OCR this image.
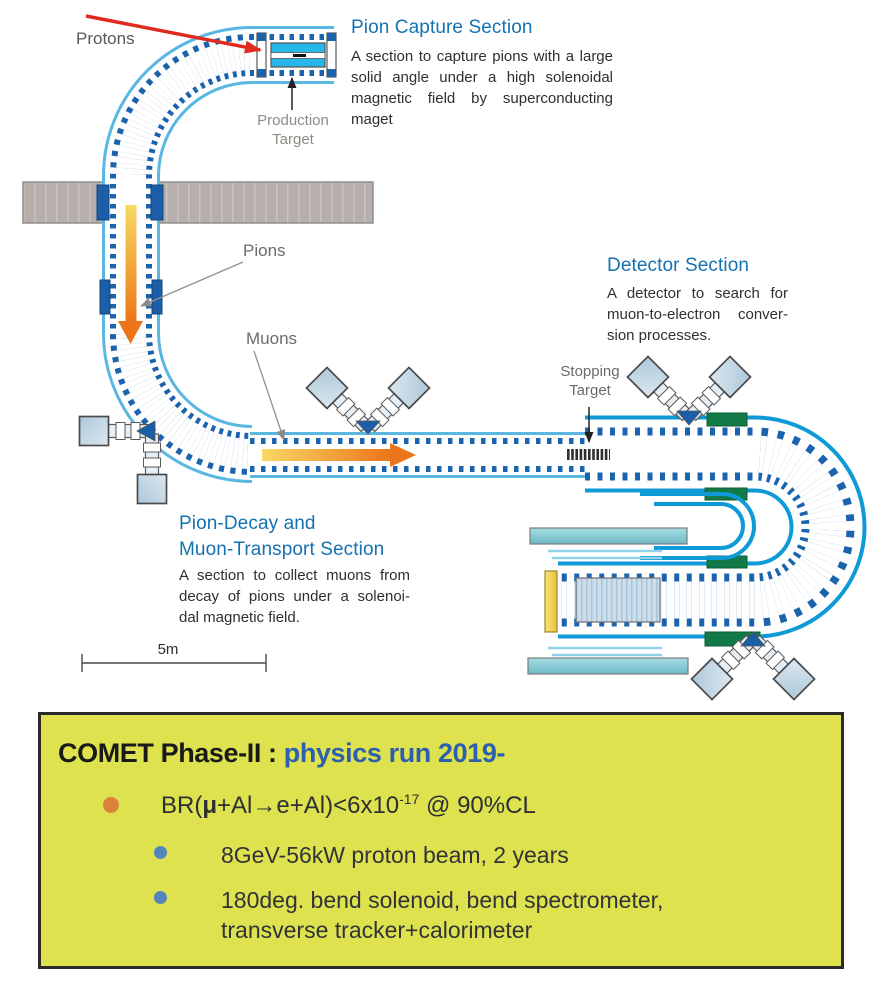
Protons
Pions
Muons
Production
Target
Stopping
Target
Pion Capture Section
A section to capture pions with a large
solid angle under a high solenoidal
magnetic field by superconducting
maget
Detector Section
A detector to search for
muon-to-electron conver-
sion processes.
Pion-Decay and
Muon-Transport Section
A section to collect muons from
decay of pions under a solenoi-
dal magnetic field.
5m
COMET Phase-II : physics run 2019-
$BR(\mu+Al\to e+Al)<6x10^{-17}$ @ 90%CL
8GeV-56kW proton beam, 2 years
180deg. bend solenoid, bend spectrometer,
transverse tracker+calorimeter
